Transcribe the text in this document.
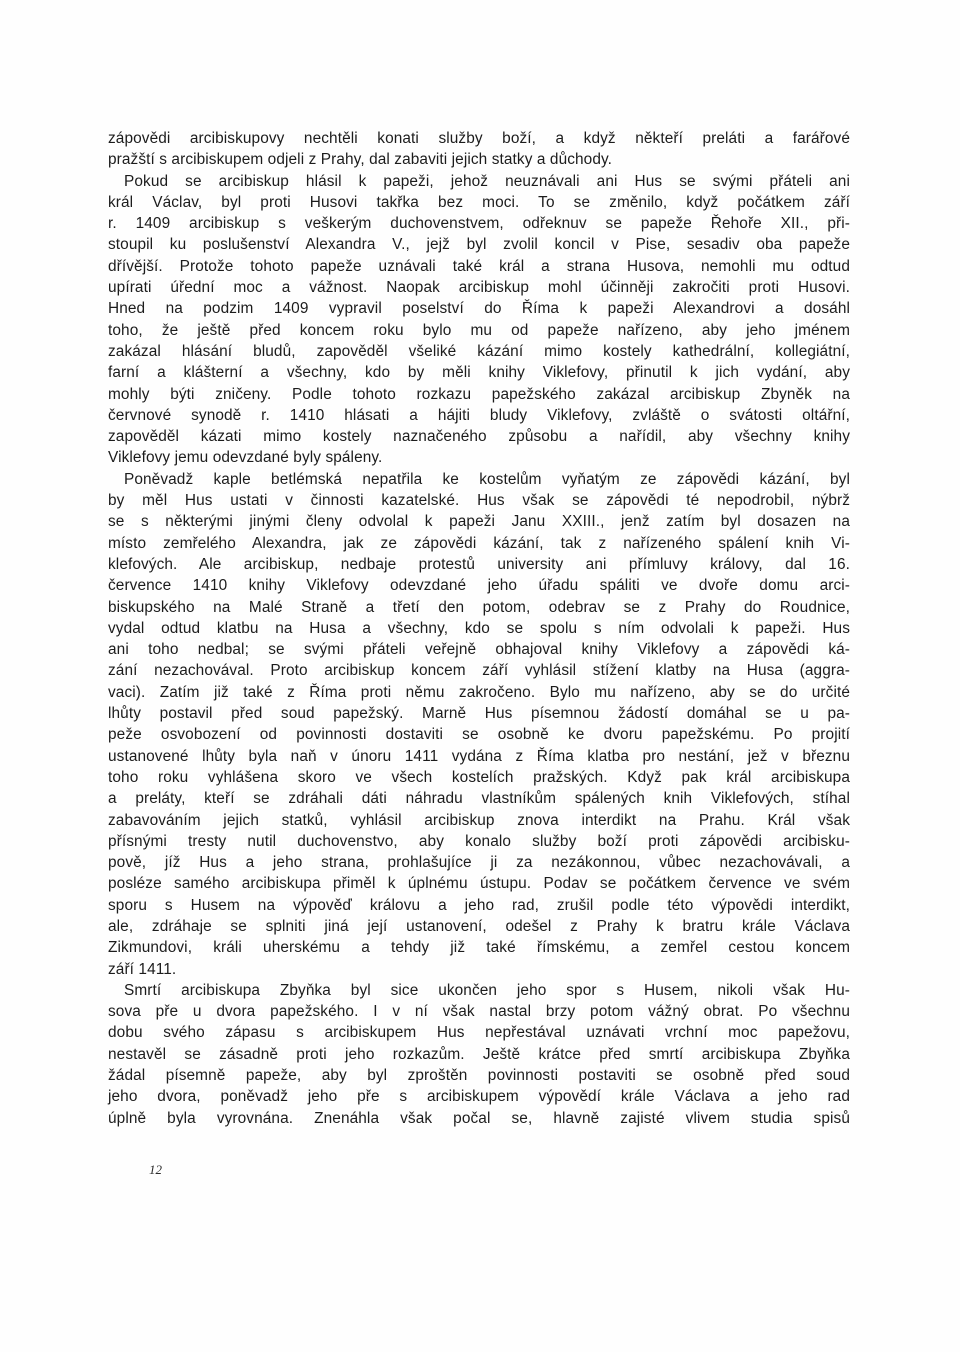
zápovědi arcibiskupovy nechtěli konati služby boží, a když někteří preláti a farářové
pražští s arcibiskupem odjeli z Prahy, dal zabaviti jejich statky a důchody.
Pokud se arcibiskup hlásil k papeži, jehož neuznávali ani Hus se svými přáteli ani
král Václav, byl proti Husovi takřka bez moci. To se změnilo, když počátkem září
r. 1409 arcibiskup s veškerým duchovenstvem, odřeknuv se papeže Řehoře XII., při-
stoupil ku poslušenství Alexandra V., jejž byl zvolil koncil v Pise, sesadiv oba papeže
dřívější. Protože tohoto papeže uznávali také král a strana Husova, nemohli mu odtud
upírati úřední moc a vážnost. Naopak arcibiskup mohl účinněji zakročiti proti Husovi.
Hned na podzim 1409 vypravil poselství do Říma k papeži Alexandrovi a dosáhl
toho, že ještě před koncem roku bylo mu od papeže nařízeno, aby jeho jménem
zakázal hlásání bludů, zapověděl všeliké kázání mimo kostely kathedrální, kollegiátní,
farní a klášterní a všechny, kdo by měli knihy Viklefovy, přinutil k jich vydání, aby
mohly býti zničeny. Podle tohoto rozkazu papežského zakázal arcibiskup Zbyněk na
červnové synodě r. 1410 hlásati a hájiti bludy Viklefovy, zvláště o svátosti oltářní,
zapověděl kázati mimo kostely naznačeného způsobu a nařídil, aby všechny knihy
Viklefovy jemu odevzdané byly spáleny.
Poněvadž kaple betlémská nepatřila ke kostelům vyňatým ze zápovědi kázání, byl
by měl Hus ustati v činnosti kazatelské. Hus však se zápovědi té nepodrobil, nýbrž
se s některými jinými členy odvolal k papeži Janu XXIII., jenž zatím byl dosazen na
místo zemřelého Alexandra, jak ze zápovědi kázání, tak z nařízeného spálení knih Vi-
klefových. Ale arcibiskup, nedbaje protestů university ani přímluvy královy, dal 16.
července 1410 knihy Viklefovy odevzdané jeho úřadu spáliti ve dvoře domu arci-
biskupského na Malé Straně a třetí den potom, odebrav se z Prahy do Roudnice,
vydal odtud klatbu na Husa a všechny, kdo se spolu s ním odvolali k papeži. Hus
ani toho nedbal; se svými přáteli veřejně obhajoval knihy Viklefovy a zápovědi ká-
zání nezachovával. Proto arcibiskup koncem září vyhlásil stížení klatby na Husa (aggra-
vaci). Zatím již také z Říma proti němu zakročeno. Bylo mu nařízeno, aby se do určité
lhůty postavil před soud papežský. Marně Hus písemnou žádostí domáhal se u pa-
peže osvobození od povinnosti dostaviti se osobně ke dvoru papežskému. Po projití
ustanovené lhůty byla naň v únoru 1411 vydána z Říma klatba pro nestání, jež v březnu
toho roku vyhlášena skoro ve všech kostelích pražských. Když pak král arcibiskupa
a preláty, kteří se zdráhali dáti náhradu vlastníkům spálených knih Viklefových, stíhal
zabavováním jejich statků, vyhlásil arcibiskup znova interdikt na Prahu. Král však
přísnými tresty nutil duchovenstvo, aby konalo služby boží proti zápovědi arcibisku-
pově, jíž Hus a jeho strana, prohlašujíce ji za nezákonnou, vůbec nezachovávali, a
posléze samého arcibiskupa přiměl k úplnému ústupu. Podav se počátkem července ve svém
sporu s Husem na výpověď královu a jeho rad, zrušil podle této výpovědi interdikt,
ale, zdráhaje se splniti jiná její ustanovení, odešel z Prahy k bratru krále Václava
Zikmundovi, králi uherskému a tehdy již také římskému, a zemřel cestou koncem
září 1411.
Smrtí arcibiskupa Zbyňka byl sice ukončen jeho spor s Husem, nikoli však Hu-
sova pře u dvora papežského. I v ní však nastal brzy potom vážný obrat. Po všechnu
dobu svého zápasu s arcibiskupem Hus nepřestával uznávati vrchní moc papežovu,
nestavěl se zásadně proti jeho rozkazům. Ještě krátce před smrtí arcibiskupa Zbyňka
žádal písemně papeže, aby byl zproštěn povinnosti postaviti se osobně před soud
jeho dvora, poněvadž jeho pře s arcibiskupem výpovědí krále Václava a jeho rad
úplně byla vyrovnána. Znenáhla však počal se, hlavně zajisté vlivem studia spisů
12
